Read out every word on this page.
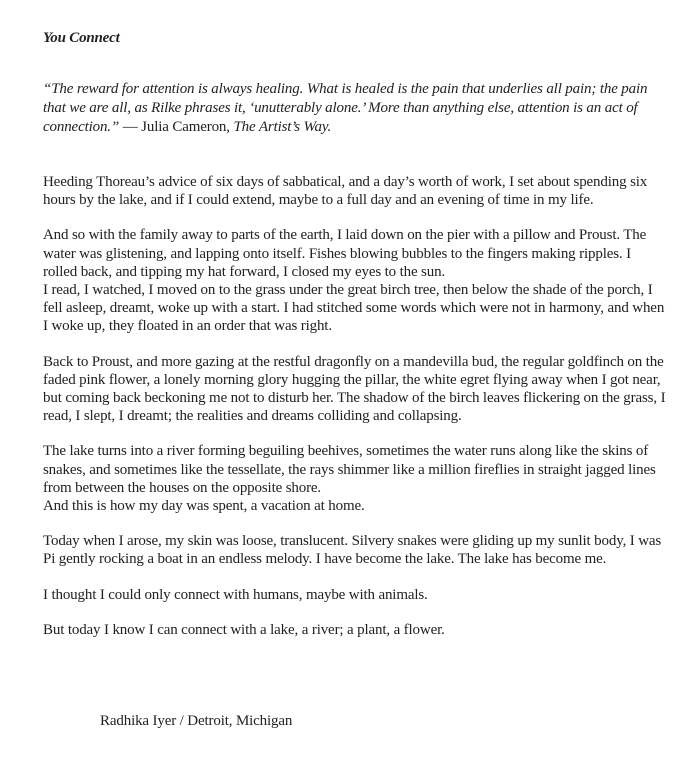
You Connect

“The reward for attention is always healing. What is healed is the pain that underlies all pain; the pain that we are all, as Rilke phrases it, ‘unutterably alone.’ More than anything else, attention is an act of connection.” — Julia Cameron, The Artist’s Way.

Heeding Thoreau’s advice of six days of sabbatical, and a day’s worth of work, I set about spending six hours by the lake, and if I could extend, maybe to a full day and an evening of time in my life.

And so with the family away to parts of the earth, I laid down on the pier with a pillow and Proust. The water was glistening, and lapping onto itself. Fishes blowing bubbles to the fingers making ripples. I rolled back, and tipping my hat forward, I closed my eyes to the sun.
I read, I watched, I moved on to the grass under the great birch tree, then below the shade of the porch, I fell asleep, dreamt, woke up with a start. I had stitched some words which were not in harmony, and when I woke up, they floated in an order that was right.

Back to Proust, and more gazing at the restful dragonfly on a mandevilla bud, the regular goldfinch on the faded pink flower, a lonely morning glory hugging the pillar, the white egret flying away when I got near, but coming back beckoning me not to disturb her. The shadow of the birch leaves flickering on the grass, I read, I slept, I dreamt; the realities and dreams colliding and collapsing.

The lake turns into a river forming beguiling beehives, sometimes the water runs along like the skins of snakes, and sometimes like the tessellate, the rays shimmer like a million fireflies in straight jagged lines from between the houses on the opposite shore.
And this is how my day was spent, a vacation at home.

Today when I arose, my skin was loose, translucent. Silvery snakes were gliding up my sunlit body, I was Pi gently rocking a boat in an endless melody. I have become the lake. The lake has become me.

I thought I could only connect with humans, maybe with animals.

But today I know I can connect with a lake, a river; a plant, a flower.

Radhika Iyer / Detroit, Michigan
